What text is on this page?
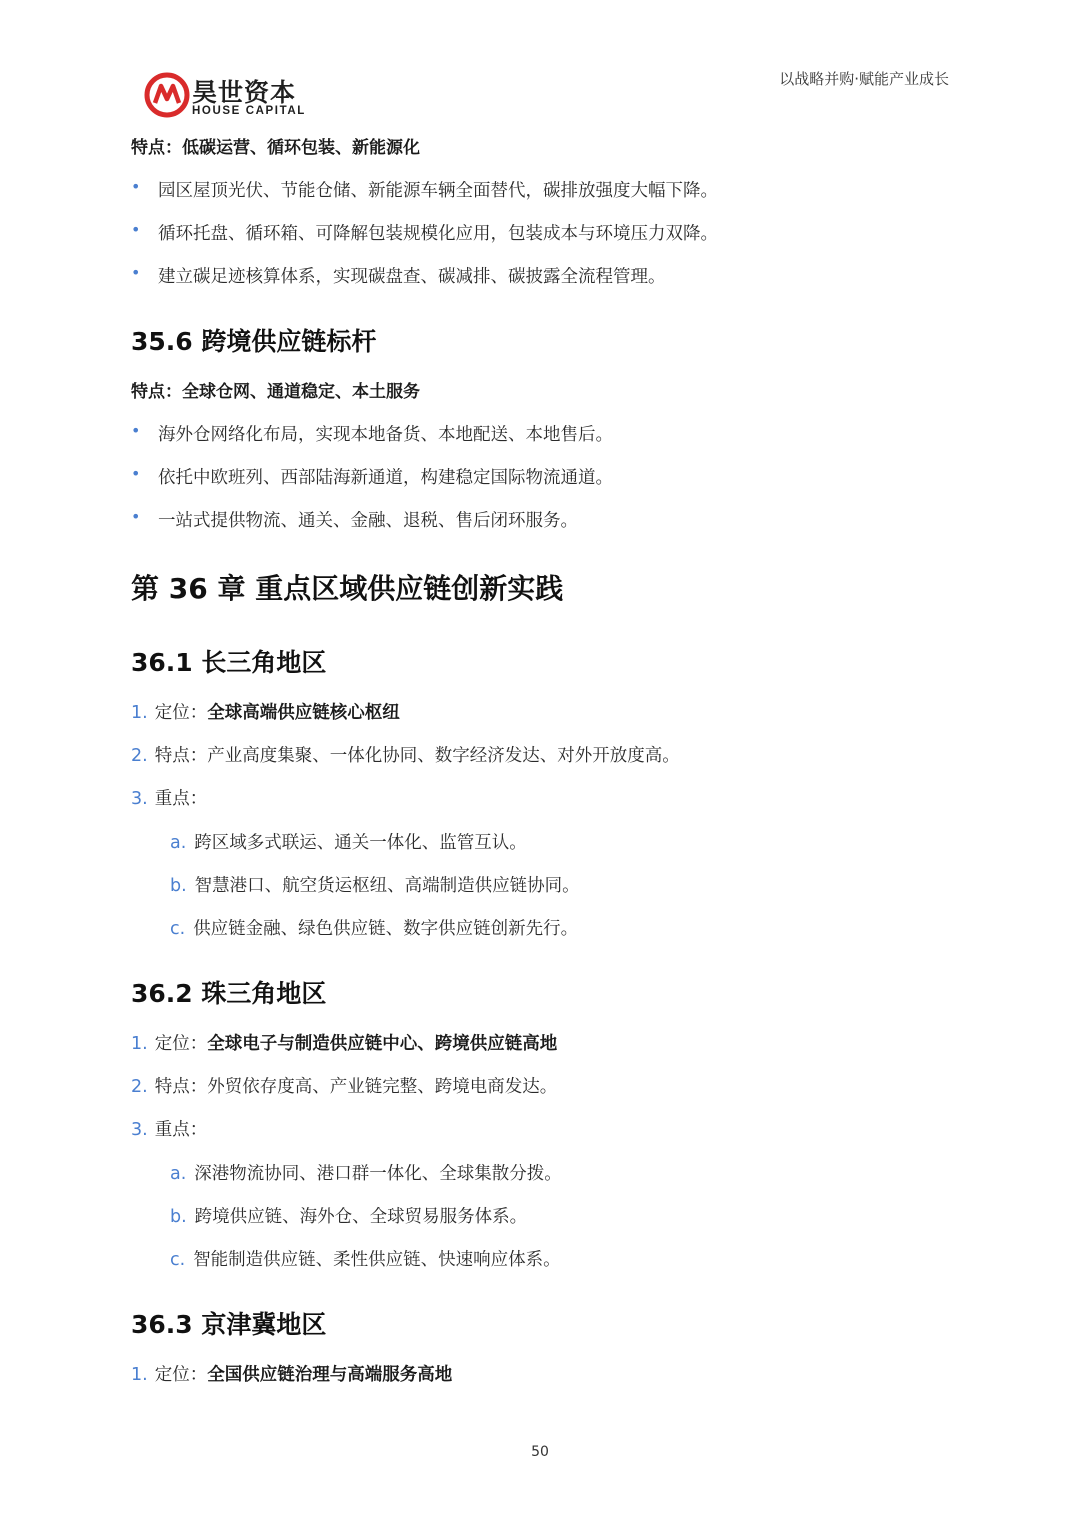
昊世资本
HOUSE CAPITAL
以战略并购·赋能产业成长
特点：低碳运营、循环包装、新能源化
• 园区屋顶光伏、节能仓储、新能源车辆全面替代，碳排放强度大幅下降。
• 循环托盘、循环箱、可降解包装规模化应用，包装成本与环境压力双降。
• 建立碳足迹核算体系，实现碳盘查、碳减排、碳披露全流程管理。
35.6 跨境供应链标杆
特点：全球仓网、通道稳定、本土服务
• 海外仓网络化布局，实现本地备货、本地配送、本地售后。
• 依托中欧班列、西部陆海新通道，构建稳定国际物流通道。
• 一站式提供物流、通关、金融、退税、售后闭环服务。
第 36 章 重点区域供应链创新实践
36.1 长三角地区
1. 定位：全球高端供应链核心枢纽
2. 特点：产业高度集聚、一体化协同、数字经济发达、对外开放度高。
3. 重点：
a. 跨区域多式联运、通关一体化、监管互认。
b. 智慧港口、航空货运枢纽、高端制造供应链协同。
c. 供应链金融、绿色供应链、数字供应链创新先行。
36.2 珠三角地区
1. 定位：全球电子与制造供应链中心、跨境供应链高地
2. 特点：外贸依存度高、产业链完整、跨境电商发达。
3. 重点：
a. 深港物流协同、港口群一体化、全球集散分拨。
b. 跨境供应链、海外仓、全球贸易服务体系。
c. 智能制造供应链、柔性供应链、快速响应体系。
36.3 京津冀地区
1. 定位：全国供应链治理与高端服务高地
50
